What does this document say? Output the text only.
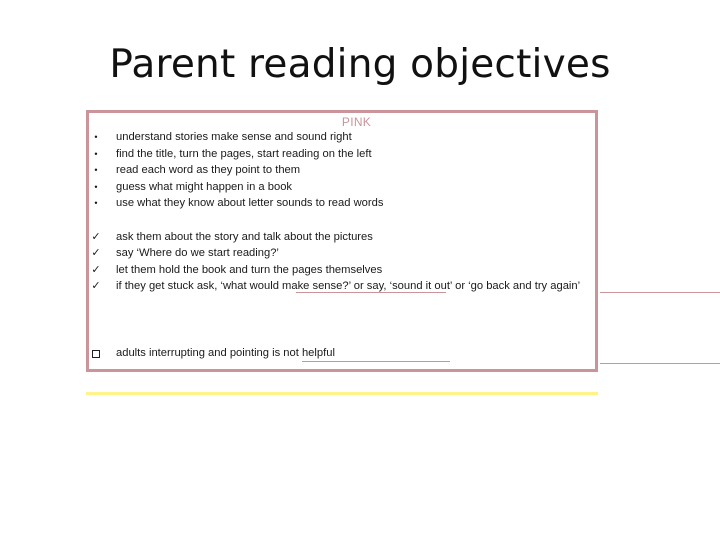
Parent reading objectives
PINK
•	understand stories make sense and sound right
•	find the title, turn the pages, start reading on the left
•	read each word as they point to them
•	guess what might happen in a book
•	use what they know about letter sounds to read words
✓ ask them about the story and talk about the pictures
✓ say ‘Where do we start reading?’
✓ let them hold the book and turn the pages themselves
✓ if they get stuck ask, ‘what would make sense?’ or say, ‘sound it out’ or ‘go back and try again’
adults interrupting and pointing is not helpful
